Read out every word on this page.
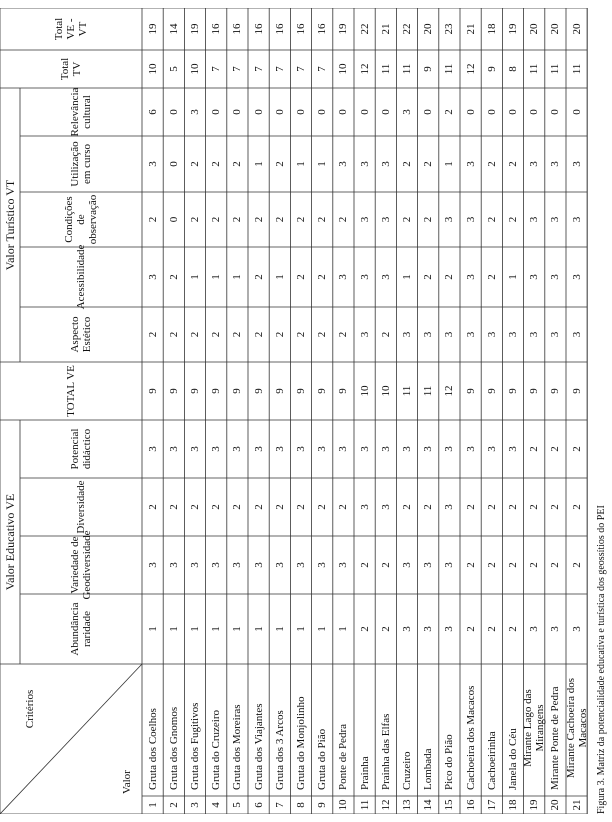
Valor
Critérios
Valor Educativo VE
Valor Turístico VT
Abundância raridade
Variedade de Geodiversidade
Diversidade
Potencial didáctico
Aspecto Estético
Acessibilidade
Condições de observação
Utilização em curso
Relevância cultural
TOTAL VE
Total TV
Total VE - VT
1
Gruta dos Coelhos
1
3
2
3
9
2
3
2
3
6
10
19
2
Gruta dos Gnomos
1
3
2
3
9
2
2
0
0
0
5
14
3
Gruta dos Fugitivos
1
3
2
3
9
2
1
2
2
3
10
19
4
Gruta do Cruzeiro
1
3
2
3
9
2
1
2
2
0
7
16
5
Gruta dos Moreiras
1
3
2
3
9
2
1
2
2
0
7
16
6
Gruta dos Viajantes
1
3
2
3
9
2
2
2
1
0
7
16
7
Gruta dos 3 Arcos
1
3
2
3
9
2
1
2
2
0
7
16
8
Gruta do Monjolinho
1
3
2
3
9
2
2
2
1
0
7
16
9
Gruta do Pião
1
3
2
3
9
2
2
2
1
0
7
16
10
Ponte de Pedra
1
3
2
3
9
2
3
2
3
0
10
19
11
Prainha
2
2
3
3
10
3
3
3
3
0
12
22
12
Prainha das Elfas
2
2
3
3
10
2
3
3
3
0
11
21
13
Cruzeiro
3
3
2
3
11
3
1
2
2
3
11
22
14
Lombada
3
3
2
3
11
3
2
2
2
0
9
20
15
Pico do Pião
3
3
3
3
12
3
2
3
1
2
11
23
16
Cachoeira dos Macacos
2
2
2
3
9
3
3
3
3
0
12
21
17
Cachoeirinha
2
2
2
3
9
3
2
2
2
0
9
18
18
Janela do Céu
2
2
2
3
9
3
1
2
2
0
8
19
19
Mirante Lago das Mirangens
3
2
2
2
9
3
3
3
3
0
11
20
20
Mirante Ponte de Pedra
3
2
2
2
9
3
3
3
3
0
11
20
21
Mirante Cachoeira dos Macacos
3
2
2
2
9
3
3
3
3
0
11
20
Figura 3. Matriz da potencialidade educativa e turística dos geossítios do PEI
